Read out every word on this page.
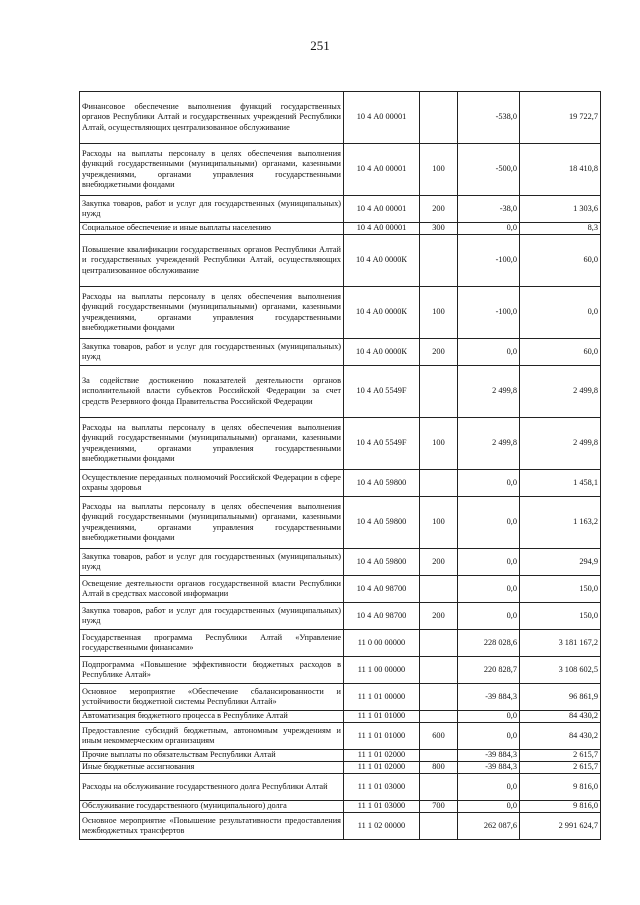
251
Финансовое обеспечение выполнения функций государственных органов Республики Алтай и государственных учреждений Республики Алтай, осуществляющих централизованное обслуживание	10 4 А0 00001		-538,0	19 722,7
Расходы на выплаты персоналу в целях обеспечения выполнения функций государственными (муниципальными) органами, казенными учреждениями, органами управления государственными внебюджетными фондами	10 4 А0 00001	100	-500,0	18 410,8
Закупка товаров, работ и услуг для государственных (муниципальных) нужд	10 4 А0 00001	200	-38,0	1 303,6
Социальное обеспечение и иные выплаты населению	10 4 А0 00001	300	0,0	8,3
Повышение квалификации государственных органов Республики Алтай и государственных учреждений Республики Алтай, осуществляющих централизованное обслуживание	10 4 А0 0000К		-100,0	60,0
Расходы на выплаты персоналу в целях обеспечения выполнения функций государственными (муниципальными) органами, казенными учреждениями, органами управления государственными внебюджетными фондами	10 4 А0 0000К	100	-100,0	0,0
Закупка товаров, работ и услуг для государственных (муниципальных) нужд	10 4 А0 0000К	200	0,0	60,0
За содействие достижению показателей деятельности органов исполнительной власти субъектов Российской Федерации за счет средств Резервного фонда Правительства Российской Федерации	10 4 А0 5549F		2 499,8	2 499,8
Расходы на выплаты персоналу в целях обеспечения выполнения функций государственными (муниципальными) органами, казенными учреждениями, органами управления государственными внебюджетными фондами	10 4 А0 5549F	100	2 499,8	2 499,8
Осуществление переданных полномочий Российской Федерации в сфере охраны здоровья	10 4 А0 59800		0,0	1 458,1
Расходы на выплаты персоналу в целях обеспечения выполнения функций государственными (муниципальными) органами, казенными учреждениями, органами управления государственными внебюджетными фондами	10 4 А0 59800	100	0,0	1 163,2
Закупка товаров, работ и услуг для государственных (муниципальных) нужд	10 4 А0 59800	200	0,0	294,9
Освещение деятельности органов государственной власти Республики Алтай в средствах массовой информации	10 4 А0 98700		0,0	150,0
Закупка товаров, работ и услуг для государственных (муниципальных) нужд	10 4 А0 98700	200	0,0	150,0
Государственная программа Республики Алтай «Управление государственными финансами»	11 0 00 00000		228 028,6	3 181 167,2
Подпрограмма «Повышение эффективности бюджетных расходов в Республике Алтай»	11 1 00 00000		220 828,7	3 108 602,5
Основное мероприятие «Обеспечение сбалансированности и устойчивости бюджетной системы Республики Алтай»	11 1 01 00000		-39 884,3	96 861,9
Автоматизация бюджетного процесса в Республике Алтай	11 1 01 01000		0,0	84 430,2
Предоставление субсидий бюджетным, автономным учреждениям и иным некоммерческим организациям	11 1 01 01000	600	0,0	84 430,2
Прочие выплаты по обязательствам Республики Алтай	11 1 01 02000		-39 884,3	2 615,7
Иные бюджетные ассигнования	11 1 01 02000	800	-39 884,3	2 615,7
Расходы на обслуживание государственного долга Республики Алтай	11 1 01 03000		0,0	9 816,0
Обслуживание государственного (муниципального) долга	11 1 01 03000	700	0,0	9 816,0
Основное мероприятие «Повышение результативности предоставления межбюджетных трансфертов	11 1 02 00000		262 087,6	2 991 624,7
